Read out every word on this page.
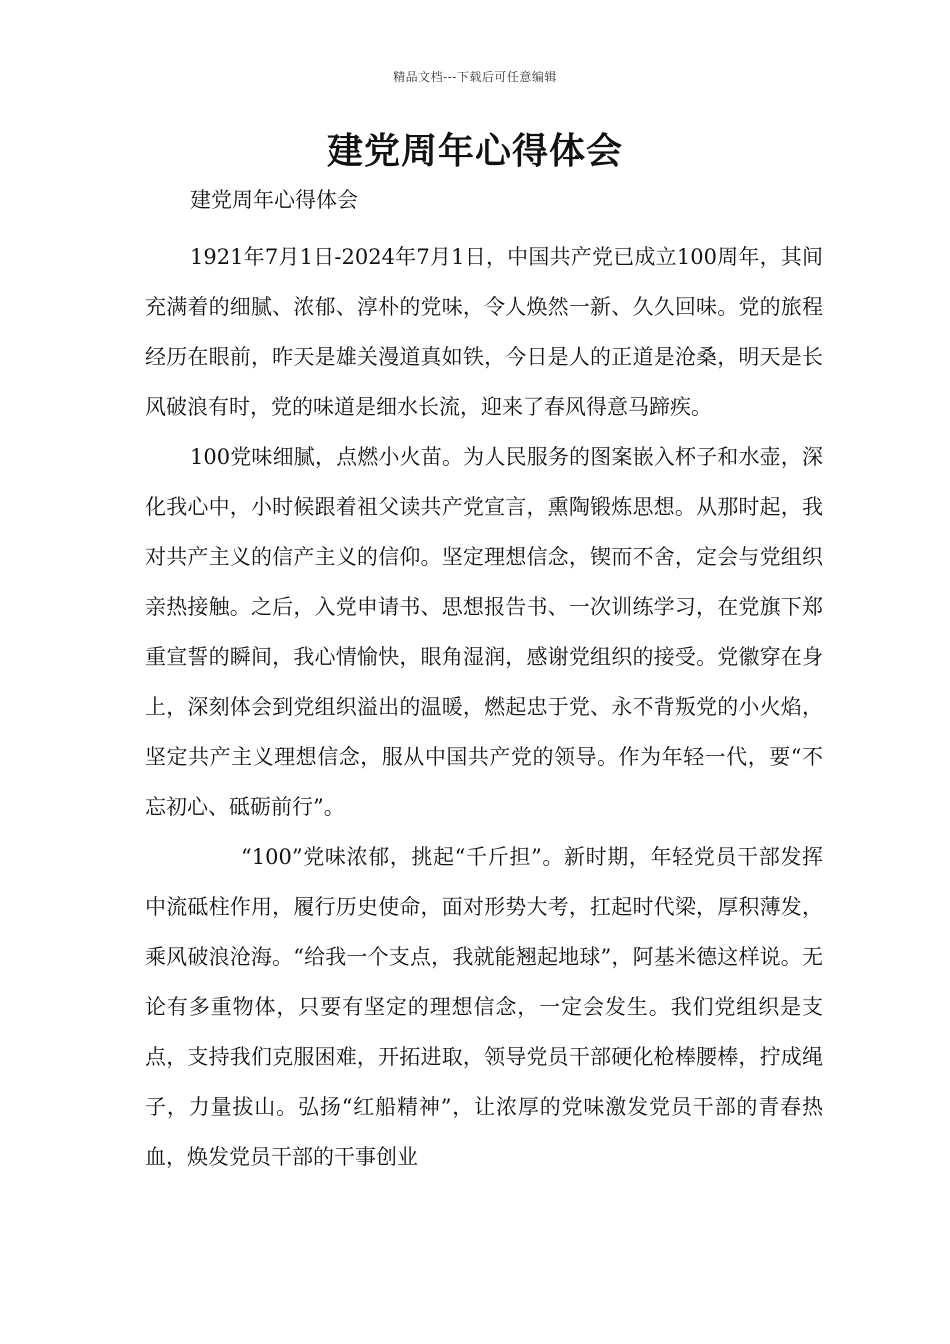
精品文档---下载后可任意编辑
建党周年心得体会
建党周年心得体会

1921年7月1日-2024年7月1日，中国共产党已成立100周年，其间充满着的细腻、浓郁、淳朴的党味，令人焕然一新、久久回味。党的旅程经历在眼前，昨天是雄关漫道真如铁，今日是人的正道是沧桑，明天是长风破浪有时，党的味道是细水长流，迎来了春风得意马蹄疾。

100党味细腻，点燃小火苗。为人民服务的图案嵌入杯子和水壶，深化我心中，小时候跟着祖父读共产党宣言，熏陶锻炼思想。从那时起，我对共产主义的信产主义的信仰。坚定理想信念，锲而不舍，定会与党组织亲热接触。之后，入党申请书、思想报告书、一次训练学习，在党旗下郑重宣誓的瞬间，我心情愉快，眼角湿润，感谢党组织的接受。党徽穿在身上，深刻体会到党组织溢出的温暖，燃起忠于党、永不背叛党的小火焰，坚定共产主义理想信念，服从中国共产党的领导。作为年轻一代，要“不忘初心、砥砺前行”。

“100”党味浓郁，挑起“千斤担”。新时期，年轻党员干部发挥中流砥柱作用，履行历史使命，面对形势大考，扛起时代梁，厚积薄发，乘风破浪沧海。“给我一个支点，我就能翘起地球”，阿基米德这样说。无论有多重物体，只要有坚定的理想信念，一定会发生。我们党组织是支点，支持我们克服困难，开拓进取，领导党员干部硬化枪棒腰棒，拧成绳子，力量拔山。弘扬“红船精神”，让浓厚的党味激发党员干部的青春热血，焕发党员干部的干事创业
